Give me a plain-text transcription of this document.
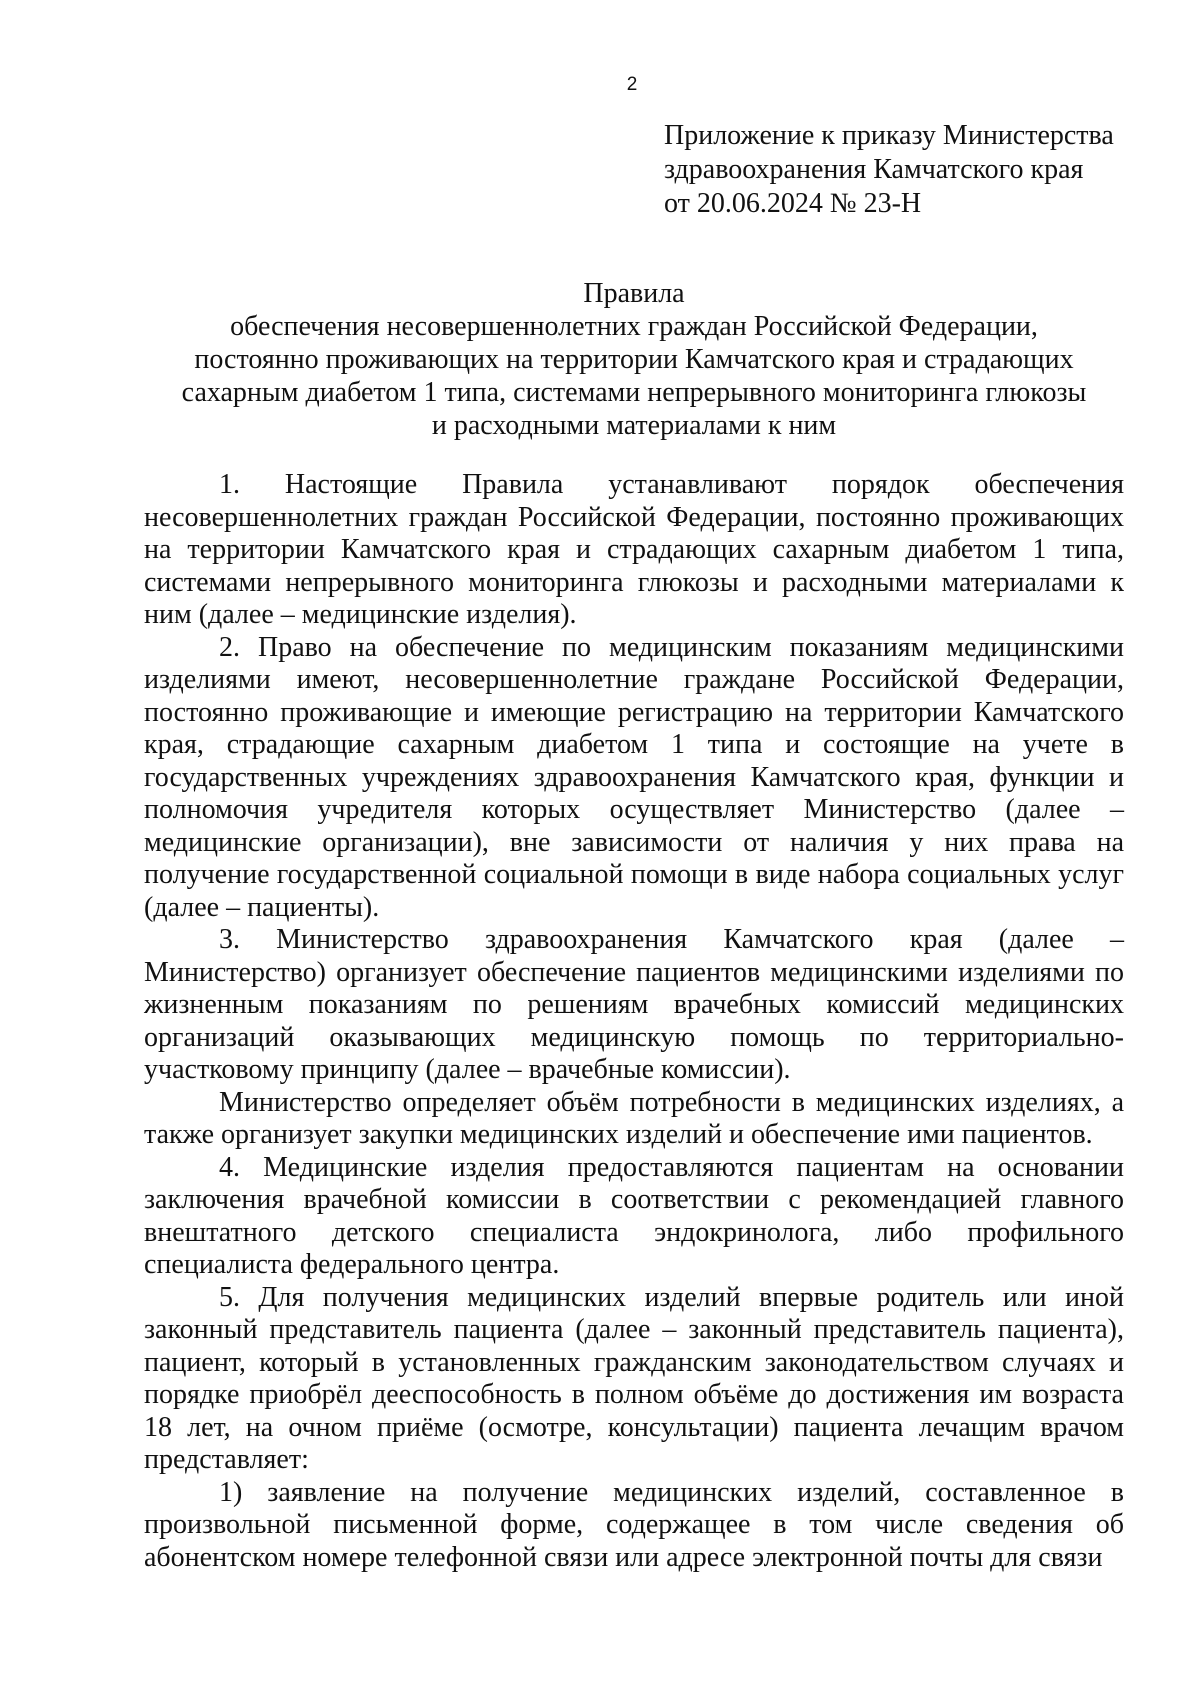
2
Приложение к приказу Министерства
здравоохранения Камчатского края
от 20.06.2024 № 23-Н
Правила
обеспечения несовершеннолетних граждан Российской Федерации,
постоянно проживающих на территории Камчатского края и страдающих
сахарным диабетом 1 типа, системами непрерывного мониторинга глюкозы
и расходными материалами к ним

1. Настоящие Правила устанавливают порядок обеспечения несовершеннолетних граждан Российской Федерации, постоянно проживающих на территории Камчатского края и страдающих сахарным диабетом 1 типа, системами непрерывного мониторинга глюкозы и расходными материалами к ним (далее – медицинские изделия).

2. Право на обеспечение по медицинским показаниям медицинскими изделиями имеют, несовершеннолетние граждане Российской Федерации, постоянно проживающие и имеющие регистрацию на территории Камчатского края, страдающие сахарным диабетом 1 типа и состоящие на учете в государственных учреждениях здравоохранения Камчатского края, функции и полномочия учредителя которых осуществляет Министерство (далее – медицинские организации), вне зависимости от наличия у них права на получение государственной социальной помощи в виде набора социальных услуг (далее – пациенты).

3. Министерство здравоохранения Камчатского края (далее – Министерство) организует обеспечение пациентов медицинскими изделиями по жизненным показаниям по решениям врачебных комиссий медицинских организаций оказывающих медицинскую помощь по территориально-участковому принципу (далее – врачебные комиссии).

Министерство определяет объём потребности в медицинских изделиях, а также организует закупки медицинских изделий и обеспечение ими пациентов.

4. Медицинские изделия предоставляются пациентам на основании заключения врачебной комиссии в соответствии с рекомендацией главного внештатного детского специалиста эндокринолога, либо профильного специалиста федерального центра.

5. Для получения медицинских изделий впервые родитель или иной законный представитель пациента (далее – законный представитель пациента), пациент, который в установленных гражданским законодательством случаях и порядке приобрёл дееспособность в полном объёме до достижения им возраста 18 лет, на очном приёме (осмотре, консультации) пациента лечащим врачом представляет:

1) заявление на получение медицинских изделий, составленное в произвольной письменной форме, содержащее в том числе сведения об абонентском номере телефонной связи или адресе электронной почты для связи
